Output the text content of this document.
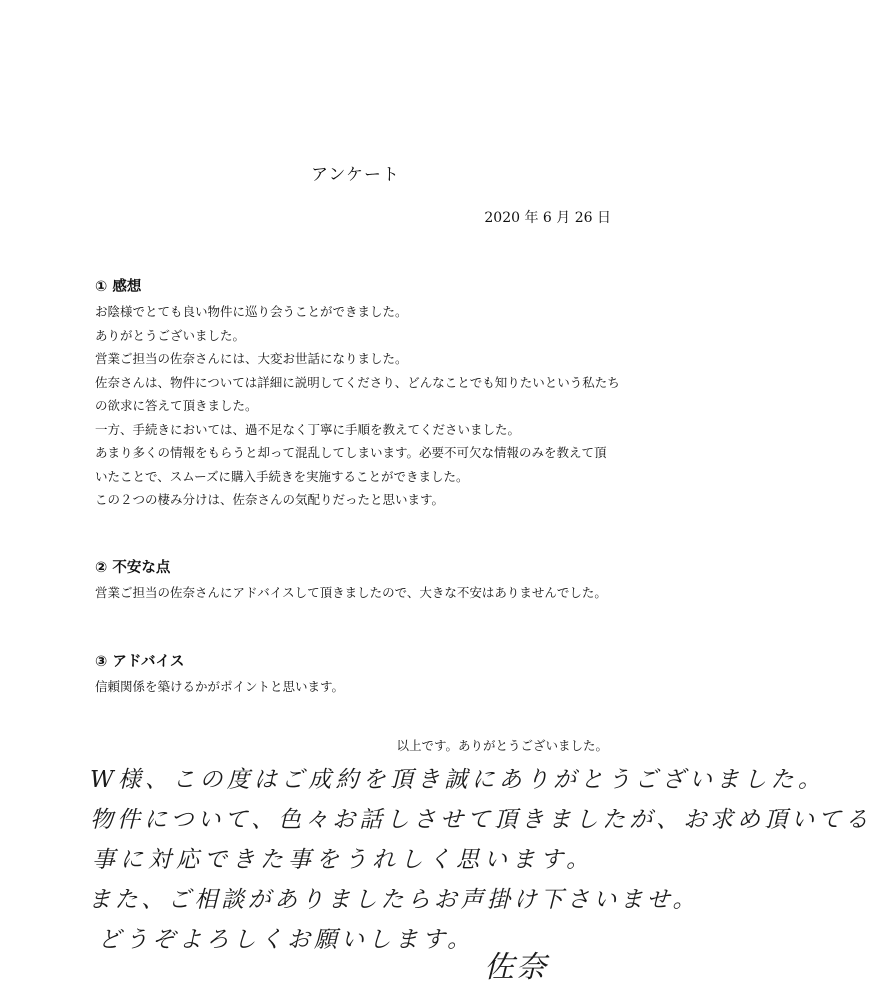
アンケート
2020 年 6 月 26 日
① 感想
お陰様でとても良い物件に巡り会うことができました。
ありがとうございました。
営業ご担当の佐奈さんには、大変お世話になりました。
佐奈さんは、物件については詳細に説明してくださり、どんなことでも知りたいという私たち
の欲求に答えて頂きました。
一方、手続きにおいては、過不足なく丁寧に手順を教えてくださいました。
あまり多くの情報をもらうと却って混乱してしまいます。必要不可欠な情報のみを教えて頂
いたことで、スムーズに購入手続きを実施することができました。
この２つの棲み分けは、佐奈さんの気配りだったと思います。
② 不安な点
営業ご担当の佐奈さんにアドバイスして頂きましたので、大きな不安はありませんでした。
③ アドバイス
信頼関係を築けるかがポイントと思います。
以上です。ありがとうございました。
W様、この度はご成約を頂き誠にありがとうございました。
物件について、色々お話しさせて頂きましたが、お求め頂いてる
事に対応できた事をうれしく思います。
また、ご相談がありましたらお声掛け下さいませ。
どうぞよろしくお願いします。
佐奈
